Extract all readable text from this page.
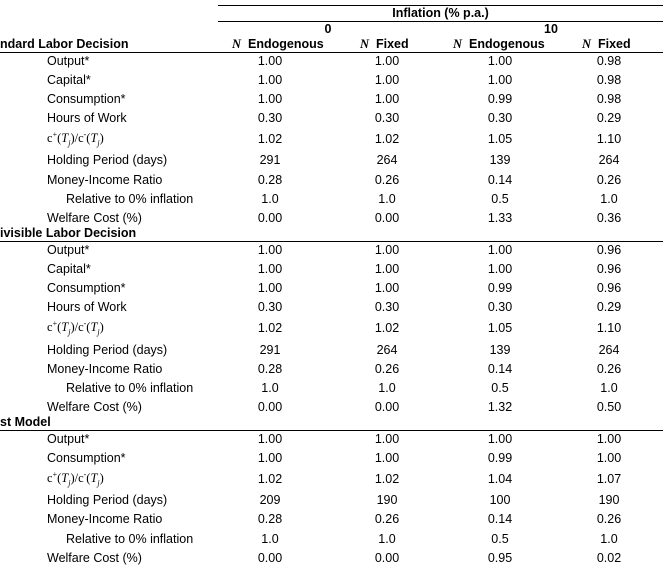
Inflation (% p.a.)
0	10
N Endogenous	N Fixed	N Endogenous	N Fixed
ndard Labor Decision
Output*	1.00	1.00	1.00	0.98
Capital*	1.00	1.00	1.00	0.98
Consumption*	1.00	1.00	0.99	0.98
Hours of Work	0.30	0.30	0.30	0.29
$c^+(T_j)/c^-(T_j)$	1.02	1.02	1.05	1.10
Holding Period (days)	291	264	139	264
Money-Income Ratio	0.28	0.26	0.14	0.26
Relative to 0% inflation	1.0	1.0	0.5	1.0
Welfare Cost (%)	0.00	0.00	1.33	0.36
ivisible Labor Decision
Output*	1.00	1.00	1.00	0.96
Capital*	1.00	1.00	1.00	0.96
Consumption*	1.00	1.00	0.99	0.96
Hours of Work	0.30	0.30	0.30	0.29
$c^+(T_j)/c^-(T_j)$	1.02	1.02	1.05	1.10
Holding Period (days)	291	264	139	264
Money-Income Ratio	0.28	0.26	0.14	0.26
Relative to 0% inflation	1.0	1.0	0.5	1.0
Welfare Cost (%)	0.00	0.00	1.32	0.50
st Model
Output*	1.00	1.00	1.00	1.00
Consumption*	1.00	1.00	0.99	1.00
$c^+(T_j)/c^-(T_j)$	1.02	1.02	1.04	1.07
Holding Period (days)	209	190	100	190
Money-Income Ratio	0.28	0.26	0.14	0.26
Relative to 0% inflation	1.0	1.0	0.5	1.0
Welfare Cost (%)	0.00	0.00	0.95	0.02
